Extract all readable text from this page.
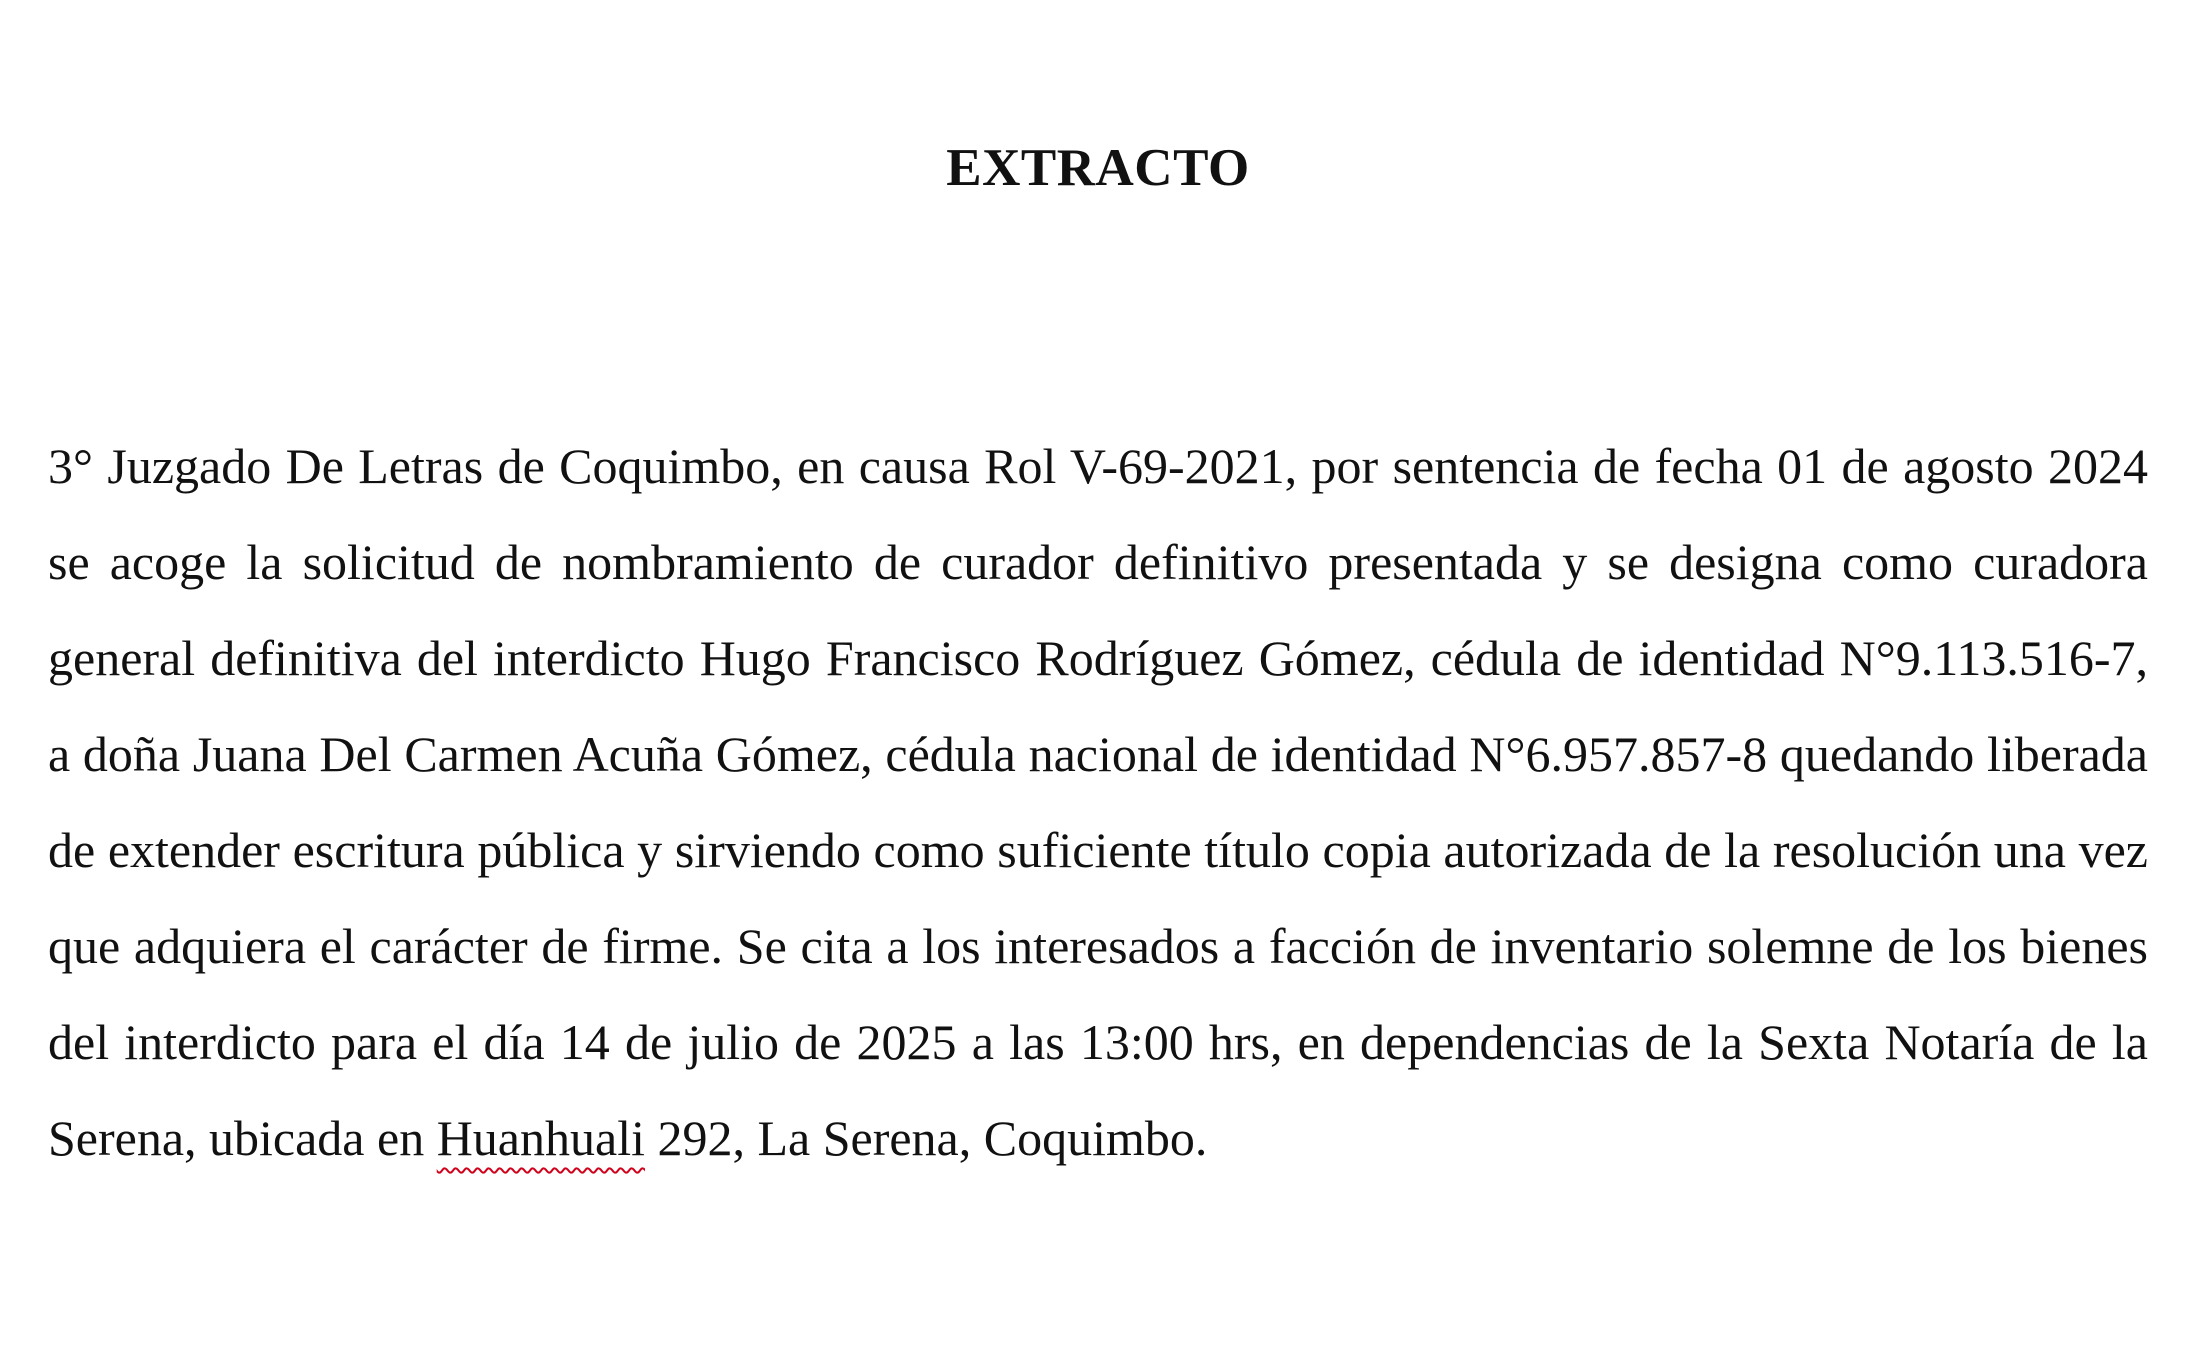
EXTRACTO

3° Juzgado De Letras de Coquimbo, en causa Rol V-69-2021, por sentencia de fecha 01 de agosto 2024 se acoge la solicitud de nombramiento de curador definitivo presentada y se designa como curadora general definitiva del interdicto Hugo Francisco Rodríguez Gómez, cédula de identidad N°9.113.516-7, a doña Juana Del Carmen Acuña Gómez, cédula nacional de identidad N°6.957.857-8 quedando liberada de extender escritura pública y sirviendo como suficiente título copia autorizada de la resolución una vez que adquiera el carácter de firme. Se cita a los interesados a facción de inventario solemne de los bienes del interdicto para el día 14 de julio de 2025 a las 13:00 hrs, en dependencias de la Sexta Notaría de la Serena, ubicada en Huanhuali 292, La Serena, Coquimbo.
